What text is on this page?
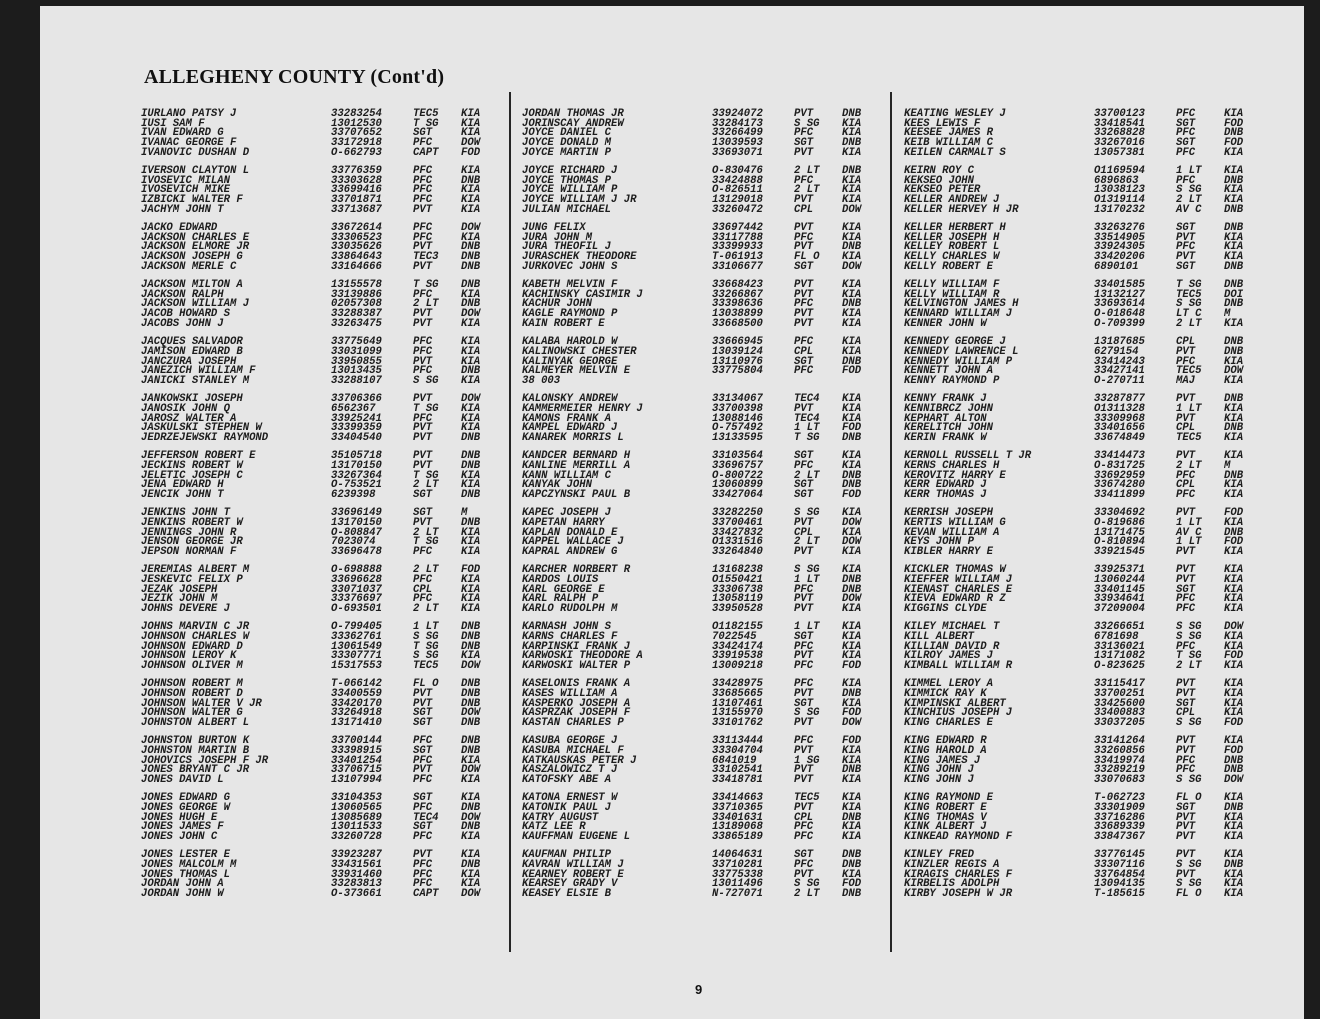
ALLEGHENY COUNTY (Cont'd)
IURLANO PATSY J	33283254	TEC5 KIA
IUSI SAM F	13012530	T SG KIA
IVAN EDWARD G	33707652	SGT	KIA
IVANAC GEORGE F	33172918	PFC	DOW
IVANOVIC DUSHAN D	O-662793	CAPT FOD
IVERSON CLAYTON L	33776359	PFC	KIA
IVOSEVIC MILAN	33303628	PFC	DNB
IVOSEVICH MIKE	33699416	PFC	KIA
IZBICKI WALTER F	33701871	PFC	KIA
JACHYM JOHN T	33713687	PVT	KIA
JACKO EDWARD	33672614	PFC	DOW
JACKSON CHARLES E	33306523	PFC	KIA
JACKSON ELMORE JR	33035626	PVT	DNB
JACKSON JOSEPH G	33864643	TEC3 DNB
JACKSON MERLE C	33164666	PVT	DNB
JACKSON MILTON A	13155578	T SG DNB
JACKSON RALPH	33139886	PFC	KIA
JACKSON WILLIAM J	02057308	2 LT DNB
JACOB HOWARD S	33288387	PVT	DOW
JACOBS JOHN J	33263475	PVT	KIA
JACQUES SALVADOR	33775649	PFC	KIA
JAMISON EDWARD B	33031099	PFC	KIA
JANCZURA JOSEPH	33950855	PVT	KIA
JANEZICH WILLIAM F	13013435	PFC	DNB
JANICKI STANLEY M	33288107	S SG KIA
JANKOWSKI JOSEPH	33706366	PVT	DOW
JANOSIK JOHN Q	6562367	T SG KIA
JAROSZ WALTER A	33925241	PFC	KIA
JASKULSKI STEPHEN W	33399359	PVT	KIA
JEDRZEJEWSKI RAYMOND	33404540	PVT	DNB
JEFFERSON ROBERT E	35105718	PVT	DNB
JECKINS ROBERT W	13170150	PVT	DNB
JELETIC JOSEPH C	33267364	T SG KIA
JENA EDWARD H	O-753521	2 LT KIA
JENCIK JOHN T	6239398	SGT	DNB
JENKINS JOHN T	33696149	SGT	M
JENKINS ROBERT W	13170150	PVT	DNB
JENNINGS JOHN R	O-808847	2 LT KIA
JENSON GEORGE JR	7023074	T SG KIA
JEPSON NORMAN F	33696478	PFC	KIA
JEREMIAS ALBERT M	O-698888	2 LT FOD
JESKEVIC FELIX P	33696628	PFC	KIA
JEZAK JOSEPH	33071037	CPL	KIA
JEZIK JOHN M	33376697	PFC	KIA
JOHNS DEVERE J	O-693501	2 LT KIA
JOHNS MARVIN C JR	O-799405	1 LT DNB
JOHNSON CHARLES W	33362761	S SG DNB
JOHNSON EDWARD D	13061549	T SG DNB
JOHNSON LEROY K	33307771	S SG KIA
JOHNSON OLIVER M	15317553	TEC5 DOW
JOHNSON ROBERT M	T-066142	FL O DNB
JOHNSON ROBERT D	33400559	PVT	DNB
JOHNSON WALTER V JR	33420170	PVT	DNB
JOHNSON WALTER G	33264918	SGT	DOW
JOHNSTON ALBERT L	13171410	SGT	DNB
JOHNSTON BURTON K	33700144	PFC	DNB
JOHNSTON MARTIN B	33398915	SGT	DNB
JOHOVICS JOSEPH F JR	33401254	PFC	KIA
JONES BRYANT C JR	33706715	PVT	DOW
JONES DAVID L	13107994	PFC	KIA
JONES EDWARD G	33104353	SGT	KIA
JONES GEORGE W	13060565	PFC	DNB
JONES HUGH E	13085689	TEC4 DOW
JONES JAMES F	13011533	SGT	DNB
JONES JOHN C	33260728	PFC	KIA
JONES LESTER E	33923287	PVT	KIA
JONES MALCOLM M	33431561	PFC	DNB
JONES THOMAS L	33931460	PFC	KIA
JORDAN JOHN A	33283813	PFC	KIA
JORDAN JOHN W	O-373661	CAPT DOW
JORDAN THOMAS JR	33924072	PVT	DNB
JORINSCAY ANDREW	33284173	S SG KIA
JOYCE DANIEL C	33266499	PFC	KIA
JOYCE DONALD M	13039593	SGT	DNB
JOYCE MARTIN P	33693071	PVT	KIA
JOYCE RICHARD J	O-830476	2 LT DNB
JOYCE THOMAS P	33424888	PFC	KIA
JOYCE WILLIAM P	O-826511	2 LT KIA
JOYCE WILLIAM J JR	13129018	PVT	KIA
JULIAN MICHAEL	33260472	CPL	DOW
JUNG FELIX	33697442	PVT	KIA
JURA JOHN M	33117788	PFC	KIA
JURA THEOFIL J	33399933	PVT	DNB
JURASCHEK THEODORE	T-061913	FL O KIA
JURKOVEC JOHN S	33106677	SGT	DOW
KABETH MELVIN F	33668423	PVT	KIA
KACHINSKY CASIMIR J	33266867	PVT	KIA
KACHUR JOHN	33398636	PFC	DNB
KAGLE RAYMOND P	13038899	PVT	KIA
KAIN ROBERT E	33668500	PVT	KIA
KALABA HAROLD W	33666945	PFC	KIA
KALINOWSKI CHESTER	13039124	CPL	KIA
KALINYAK GEORGE	13110976	SGT	DNB
KALMEYER MELVIN E	33775804	PFC	FOD
38 003
KALONSKY ANDREW	33134067	TEC4 KIA
KAMMERMEIER HENRY J	33700398	PVT	KIA
KAMONS FRANK A	13088146	TEC4 KIA
KAMPEL EDWARD J	O-757492	1 LT FOD
KANAREK MORRIS L	13133595	T SG DNB
KANDCER BERNARD H	33103564	SGT	KIA
KANLINE MERRILL A	33696757	PFC	KIA
KANN WILLIAM C	O-800722	2 LT DNB
KANYAK JOHN	13060899	SGT	DNB
KAPCZYNSKI PAUL B	33427064	SGT	FOD
KAPEC JOSEPH J	33282250	S SG KIA
KAPETAN HARRY	33700461	PVT	DOW
KAPLAN DONALD E	33427832	CPL	KIA
KAPPEL WALLACE J	O1331516	2 LT DOW
KAPRAL ANDREW G	33264840	PVT	KIA
KARCHER NORBERT R	13168238	S SG KIA
KARDOS LOUIS	O1550421	1 LT DNB
KARL GEORGE E	33306738	PFC	DNB
KARL RALPH P	13058119	PVT	DOW
KARLO RUDOLPH M	33950528	PVT	KIA
KARNASH JOHN S	O1182155	1 LT KIA
KARNS CHARLES F	7022545	SGT	KIA
KARPINSKI FRANK J	33424174	PFC	KIA
KARWOSKI THEODORE A	33919538	PVT	KIA
KARWOSKI WALTER P	13009218	PFC	FOD
KASELONIS FRANK A	33428975	PFC	KIA
KASES WILLIAM A	33685665	PVT	DNB
KASPERKO JOSEPH A	13107461	SGT	KIA
KASPRZAK JOSEPH F	13155970	S SG FOD
KASTAN CHARLES P	33101762	PVT	DOW
KASUBA GEORGE J	33113444	PFC	FOD
KASUBA MICHAEL F	33304704	PVT	KIA
KATKAUSKAS PETER J	6841019	1 SG KIA
KASZALOWICZ T J	33102541	PVT	DNB
KATOFSKY ABE A	33418781	PVT	KIA
KATONA ERNEST W	33414663	TEC5 KIA
KATONIK PAUL J	33710365	PVT	KIA
KATRY AUGUST	33401631	CPL	DNB
KATZ LEE R	13189068	PFC	KIA
KAUFFMAN EUGENE L	33865189	PFC	KIA
KAUFMAN PHILIP	14064631	SGT	DNB
KAVRAN WILLIAM J	33710281	PFC	DNB
KEARNEY ROBERT E	33775338	PVT	KIA
KEARSEY GRADY V	13011496	S SG FOD
KEASEY ELSIE B	N-727071	2 LT DNB
KEATING WESLEY J	33700123	PFC	KIA
KEES LEWIS F	33418541	SGT	FOD
KEESEE JAMES R	33268828	PFC	DNB
KEIB WILLIAM C	33267016	SGT	FOD
KEILEN CARMALT S	13057381	PFC	KIA
KEIRN ROY C	O1169594	1 LT KIA
KEKSEO JOHN	6896863	PFC	DNB
KEKSEO PETER	13038123	S SG KIA
KELLER ANDREW J	O1319114	2 LT KIA
KELLER HERVEY H JR	13170232	AV C DNB
KELLER HERBERT H	33263276	SGT	DNB
KELLER JOSEPH H	33514905	PVT	KIA
KELLEY ROBERT L	33924305	PFC	KIA
KELLY CHARLES W	33420206	PVT	KIA
KELLY ROBERT E	6890101	SGT	DNB
KELLY WILLIAM F	33401585	T SG DNB
KELLY WILLIAM R	13132127	TEC5 DOI
KELVINGTON JAMES H	33693614	S SG DNB
KENNARD WILLIAM J	O-018648	LT C M
KENNER JOHN W	O-709399	2 LT KIA
KENNEDY GEORGE J	13187685	CPL	DNB
KENNEDY LAWRENCE L	6279154	PVT	DNB
KENNEDY WILLIAM P	33414243	PFC	KIA
KENNETT JOHN A	33427141	TEC5 DOW
KENNY RAYMOND P	O-270711	MAJ	KIA
KENNY FRANK J	33287877	PVT	DNB
KENNIBRCZ JOHN	O1311328	1 LT KIA
KEPHART ALTON	33309968	PVT	KIA
KERELITCH JOHN	33401656	CPL	DNB
KERIN FRANK W	33674849	TEC5 KIA
KERNOLL RUSSELL T JR	33414473	PVT	KIA
KERNS CHARLES H	O-831725	2 LT M
KEROVITZ HARRY E	33692959	PFC	DNB
KERR EDWARD J	33674280	CPL	KIA
KERR THOMAS J	33411899	PFC	KIA
KERRISH JOSEPH	33304692	PVT	FOD
KERTIS WILLIAM G	O-819686	1 LT KIA
KEVAN WILLIAM A	13171475	AV C DNB
KEYS JOHN P	O-810894	1 LT FOD
KIBLER HARRY E	33921545	PVT	KIA
KICKLER THOMAS W	33925371	PVT	KIA
KIEFFER WILLIAM J	13060244	PVT	KIA
KIENAST CHARLES E	33401145	SGT	KIA
KIEVA EDWARD R Z	33934641	PFC	KIA
KIGGINS CLYDE	37209004	PFC	KIA
KILEY MICHAEL T	33266651	S SG DOW
KILL ALBERT	6781698	S SG KIA
KILLIAN DAVID R	33136021	PFC	KIA
KILROY JAMES J	13171082	T SG FOD
KIMBALL WILLIAM R	O-823625	2 LT KIA
KIMMEL LEROY A	33115417	PVT	KIA
KIMMICK RAY K	33700251	PVT	KIA
KIMPINSKI ALBERT	33425600	SGT	KIA
KINCHIUS JOSEPH J	33400883	CPL	KIA
KING CHARLES E	33037205	S SG FOD
KING EDWARD R	33141264	PVT	KIA
KING HAROLD A	33260856	PVT	FOD
KING JAMES J	33419974	PFC	DNB
KING JOHN J	33289219	PFC	DNB
KING JOHN J	33070683	S SG DOW
KING RAYMOND E	T-062723	FL O KIA
KING ROBERT E	33301909	SGT	DNB
KING THOMAS V	33716286	PVT	KIA
KINK ALBERT J	33689339	PVT	KIA
KINKEAD RAYMOND F	33847367	PVT	KIA
KINLEY FRED	33776145	PVT	KIA
KINZLER REGIS A	33307116	S SG DNB
KIRAGIS CHARLES F	33764854	PVT	KIA
KIRBELIS ADOLPH	13094135	S SG KIA
KIRBY JOSEPH W JR	T-185615	FL O KIA
9
